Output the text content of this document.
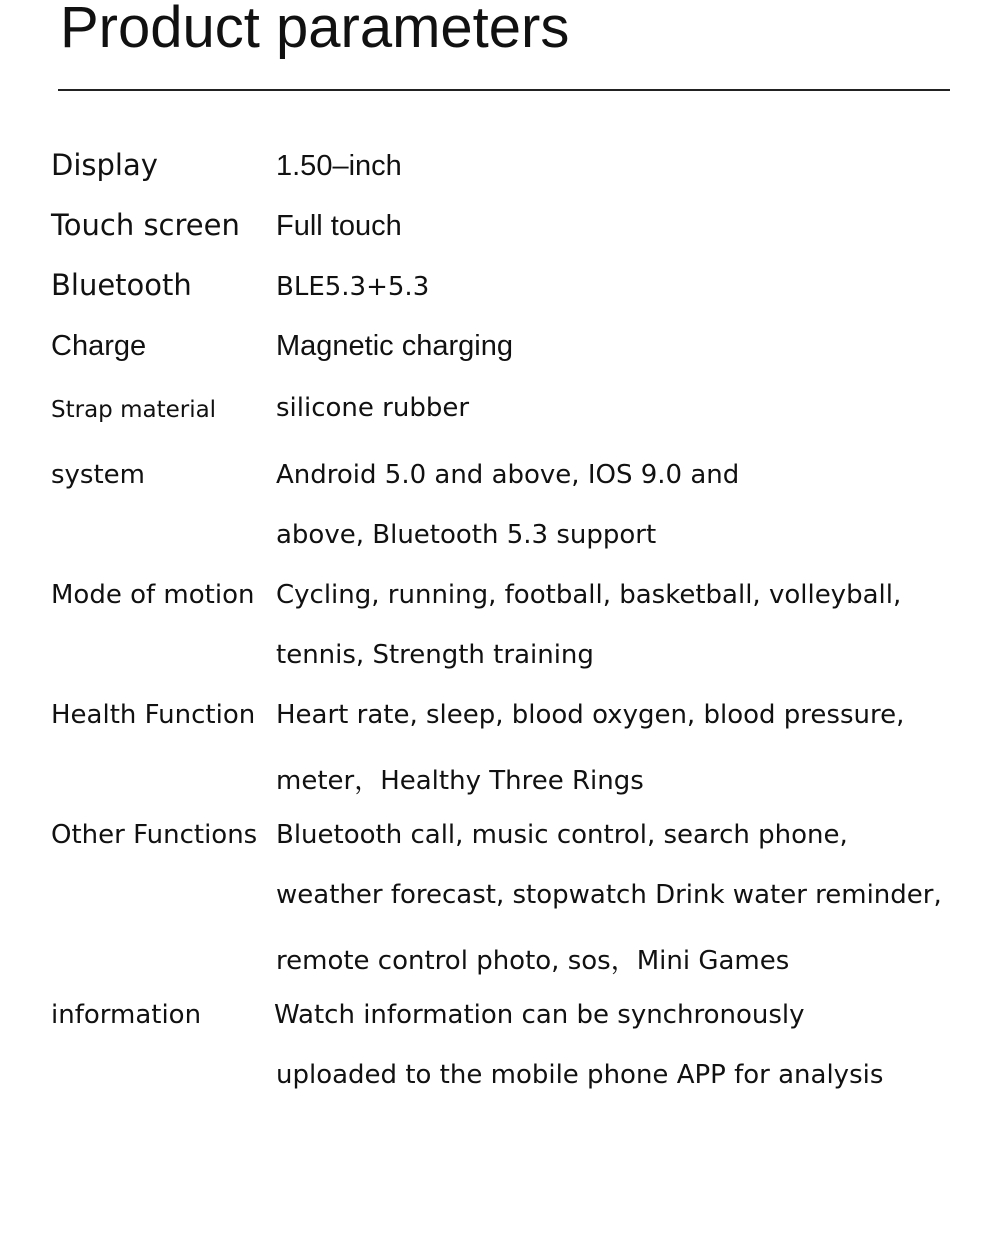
Product parameters
Display	1.50–inch
Touch screen Full touch
Bluetooth	BLE5.3+5.3
Charge	Magnetic charging
Strap material silicone rubber
system	Android 5.0 and above, IOS 9.0 and
above, Bluetooth 5.3 support
Mode of motion Cycling, running, football, basketball, volleyball,
tennis, Strength training
Health Function Heart rate, sleep, blood oxygen, blood pressure,
meter，Healthy Three Rings
Other Functions Bluetooth call, music control, search phone,
weather forecast, stopwatch Drink water reminder,
remote control photo, sos，Mini Games
information	Watch information can be synchronously
uploaded to the mobile phone APP for analysis
